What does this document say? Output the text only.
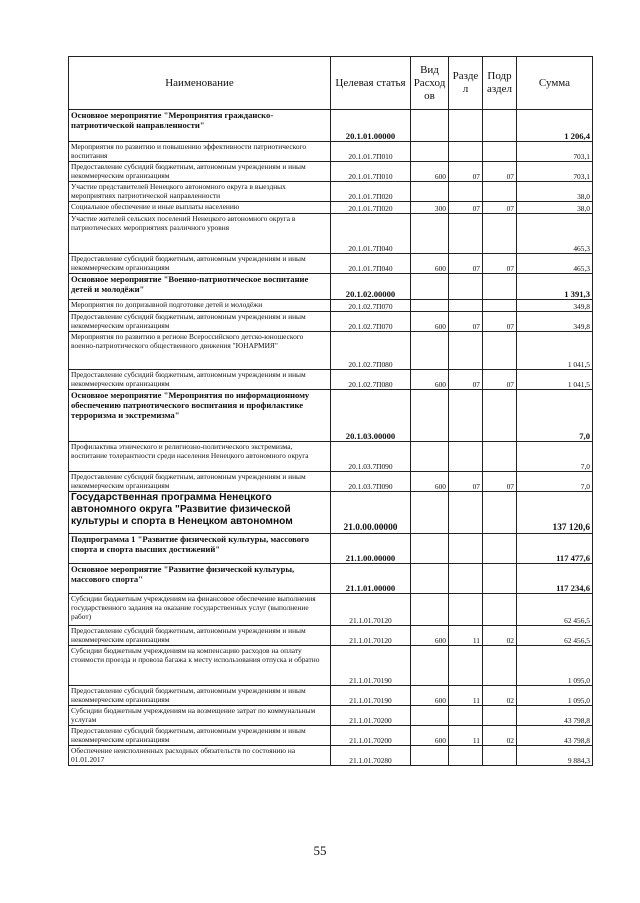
Наименование	Целевая статья	Вид Расход ов	Разде л	Подр аздел	Сумма
Основное мероприятие "Мероприятия гражданско-патриотической направленности"	20.1.01.00000				1 206,4
Мероприятия по развитию и повышению эффективности патриотического воспитания	20.1.01.7П010				703,1
Предоставление субсидий бюджетным, автономным учреждениям и иным некоммерческим организациям	20.1.01.7П010	600	07	07	703,1
Участие представителей Ненецкого автономного округа в выездных мероприятиях патриотической направленности	20.1.01.7П020				38,0
Социальное обеспечение и иные выплаты населению	20.1.01.7П020	300	07	07	38,0
Участие жителей сельских поселений Ненецкого автономного округа в патриотических мероприятиях различного уровня	20.1.01.7П040				465,3
Предоставление субсидий бюджетным, автономным учреждениям и иным некоммерческим организациям	20.1.01.7П040	600	07	07	465,3
Основное мероприятие "Военно-патриотическое воспитание детей и молодёжи"	20.1.02.00000				1 391,3
Мероприятия по допризывной подготовке детей и молодёжи	20.1.02.7П070				349,8
Предоставление субсидий бюджетным, автономным учреждениям и иным некоммерческим организациям	20.1.02.7П070	600	07	07	349,8
Мероприятия по развитию в регионе Всероссийского детско-юношеского военно-патриотического общественного движения "ЮНАРМИЯ"	20.1.02.7П080				1 041,5
Предоставление субсидий бюджетным, автономным учреждениям и иным некоммерческим организациям	20.1.02.7П080	600	07	07	1 041,5
Основное мероприятие "Мероприятия по информационному обеспечению патриотического воспитания и профилактике терроризма и экстремизма"	20.1.03.00000				7,0
Профилактика этнического и религиозно-политического экстремизма, воспитание толерантности среди населения Ненецкого автономного округа	20.1.03.7П090				7,0
Предоставление субсидий бюджетным, автономным учреждениям и иным некоммерческим организациям	20.1.03.7П090	600	07	07	7,0
Государственная программа Ненецкого автономного округа "Развитие физической культуры и спорта в Ненецком автономном	21.0.00.00000				137 120,6
Подпрограмма 1 "Развитие физической культуры, массового спорта и спорта высших достижений"	21.1.00.00000				117 477,6
Основное мероприятие "Развитие физической культуры, массового спорта"	21.1.01.00000				117 234,6
Субсидии бюджетным учреждениям на финансовое обеспечение выполнения государственного задания на оказание государственных услуг (выполнение работ)	21.1.01.70120				62 456,5
Предоставление субсидий бюджетным, автономным учреждениям и иным некоммерческим организациям	21.1.01.70120	600	11	02	62 456,5
Субсидии бюджетным учреждениям на компенсацию расходов на оплату стоимости проезда и провоза багажа к месту использования отпуска и обратно	21.1.01.70190				1 095,0
Предоставление субсидий бюджетным, автономным учреждениям и иным некоммерческим организациям	21.1.01.70190	600	11	02	1 095,0
Субсидии бюджетным учреждениям на возмещение затрат по коммунальным услугам	21.1.01.70200				43 798,8
Предоставление субсидий бюджетным, автономным учреждениям и иным некоммерческим организациям	21.1.01.70200	600	11	02	43 798,8
Обеспечение неисполненных расходных обязательств по состоянию на 01.01.2017	21.1.01.70280				9 884,3
55
